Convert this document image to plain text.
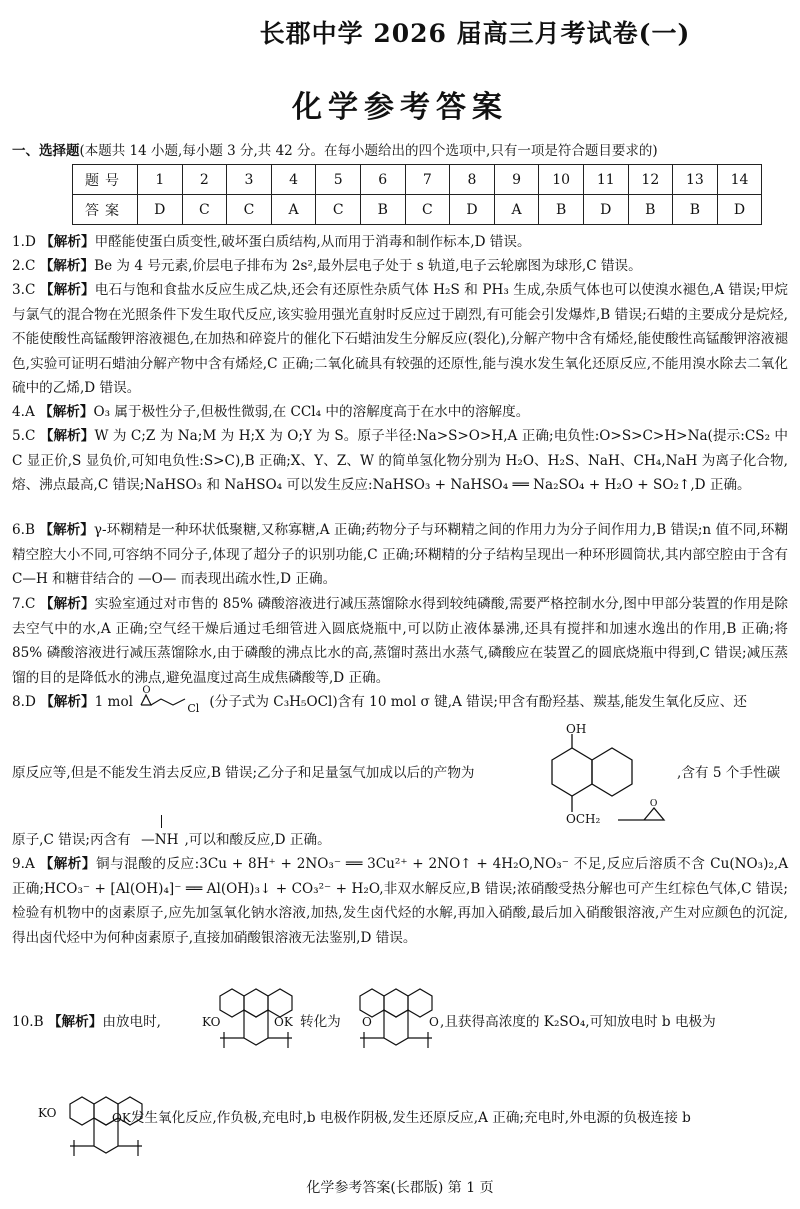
长郡中学 2026 届高三月考试卷(一)
化学参考答案
一、选择题(本题共 14 小题,每小题 3 分,共 42 分。在每小题给出的四个选项中,只有一项是符合题目要求的)
题号	1	2	3	4	5	6	7	8	9	10	11	12	13	14
答案	D	C	C	A	C	B	C	D	A	B	D	B	B	D
1.D 【解析】甲醛能使蛋白质变性,破坏蛋白质结构,从而用于消毒和制作标本,D 错误。
2.C 【解析】Be 为 4 号元素,价层电子排布为 2s²,最外层电子处于 s 轨道,电子云轮廓图为球形,C 错误。
3.C 【解析】电石与饱和食盐水反应生成乙炔,还会有还原性杂质气体 H₂S 和 PH₃ 生成,杂质气体也可以使溴水褪色,A 错误;甲烷与氯气的混合物在光照条件下发生取代反应,该实验用强光直射时反应过于剧烈,有可能会引发爆炸,B 错误;石蜡的主要成分是烷烃,不能使酸性高锰酸钾溶液褪色,在加热和碎瓷片的催化下石蜡油发生分解反应(裂化),分解产物中含有烯烃,能使酸性高锰酸钾溶液褪色,实验可证明石蜡油分解产物中含有烯烃,C 正确;二氧化硫具有较强的还原性,能与溴水发生氧化还原反应,不能用溴水除去二氧化硫中的乙烯,D 错误。
4.A 【解析】O₃ 属于极性分子,但极性微弱,在 CCl₄ 中的溶解度高于在水中的溶解度。
5.C 【解析】W 为 C;Z 为 Na;M 为 H;X 为 O;Y 为 S。原子半径:Na>S>O>H,A 正确;电负性:O>S>C>H>Na(提示:CS₂ 中 C 显正价,S 显负价,可知电负性:S>C),B 正确;X、Y、Z、W 的简单氢化物分别为 H₂O、H₂S、NaH、CH₄,NaH 为离子化合物,熔、沸点最高,C 错误;NaHSO₃ 和 NaHSO₄ 可以发生反应:NaHSO₃ + NaHSO₄ ══ Na₂SO₄ + H₂O + SO₂↑,D 正确。
6.B 【解析】γ-环糊精是一种环状低聚糖,又称寡糖,A 正确;药物分子与环糊精之间的作用力为分子间作用力,B 错误;n 值不同,环糊精空腔大小不同,可容纳不同分子,体现了超分子的识别功能,C 正确;环糊精的分子结构呈现出一种环形圆筒状,其内部空腔由于含有 C—H 和糖苷结合的 —O— 而表现出疏水性,D 正确。
7.C 【解析】实验室通过对市售的 85% 磷酸溶液进行减压蒸馏除水得到较纯磷酸,需要严格控制水分,图中甲部分装置的作用是除去空气中的水,A 正确;空气经干燥后通过毛细管进入圆底烧瓶中,可以防止液体暴沸,还具有搅拌和加速水逸出的作用,B 正确;将 85% 磷酸溶液进行减压蒸馏除水,由于磷酸的沸点比水的高,蒸馏时蒸出水蒸气,磷酸应在装置乙的圆底烧瓶中得到,C 错误;减压蒸馏的目的是降低水的沸点,避免温度过高生成焦磷酸等,D 正确。
8.D 【解析】1 mol
O
Cl (分子式为 C₃H₅OCl)含有 10 mol σ 键,A 错误;甲含有酚羟基、羰基,能发生氧化反应、还
O
OH
OCH₂
原反应等,但是不能发生消去反应,B 错误;乙分子和足量氢气加成以后的产物为	,含有 5 个手性碳
原子,C 错误;丙含有 —NH ,可以和酸反应,D 正确。
9.A 【解析】铜与混酸的反应:3Cu + 8H⁺ + 2NO₃⁻ ══ 3Cu²⁺ + 2NO↑ + 4H₂O,NO₃⁻ 不足,反应后溶质不含 Cu(NO₃)₂,A 正确;HCO₃⁻ + [Al(OH)₄]⁻ ══ Al(OH)₃↓ + CO₃²⁻ + H₂O,非双水解反应,B 错误;浓硝酸受热分解也可产生红棕色气体,C 错误;检验有机物中的卤素原子,应先加氢氧化钠水溶液,加热,发生卤代烃的水解,再加入硝酸,最后加入硝酸银溶液,产生对应颜色的沉淀,得出卤代烃中为何种卤素原子,直接加硝酸银溶液无法鉴别,D 错误。
10.B 【解析】由放电时,	KO	OK 转化为 O	O ,且获得高浓度的 K₂SO₄,可知放电时 b 电极为
KO	OK发生氧化反应,作负极,充电时,b 电极作阴极,发生还原反应,A 正确;充电时,外电源的负极连接 b
化学参考答案(长郡版) 第 1 页
